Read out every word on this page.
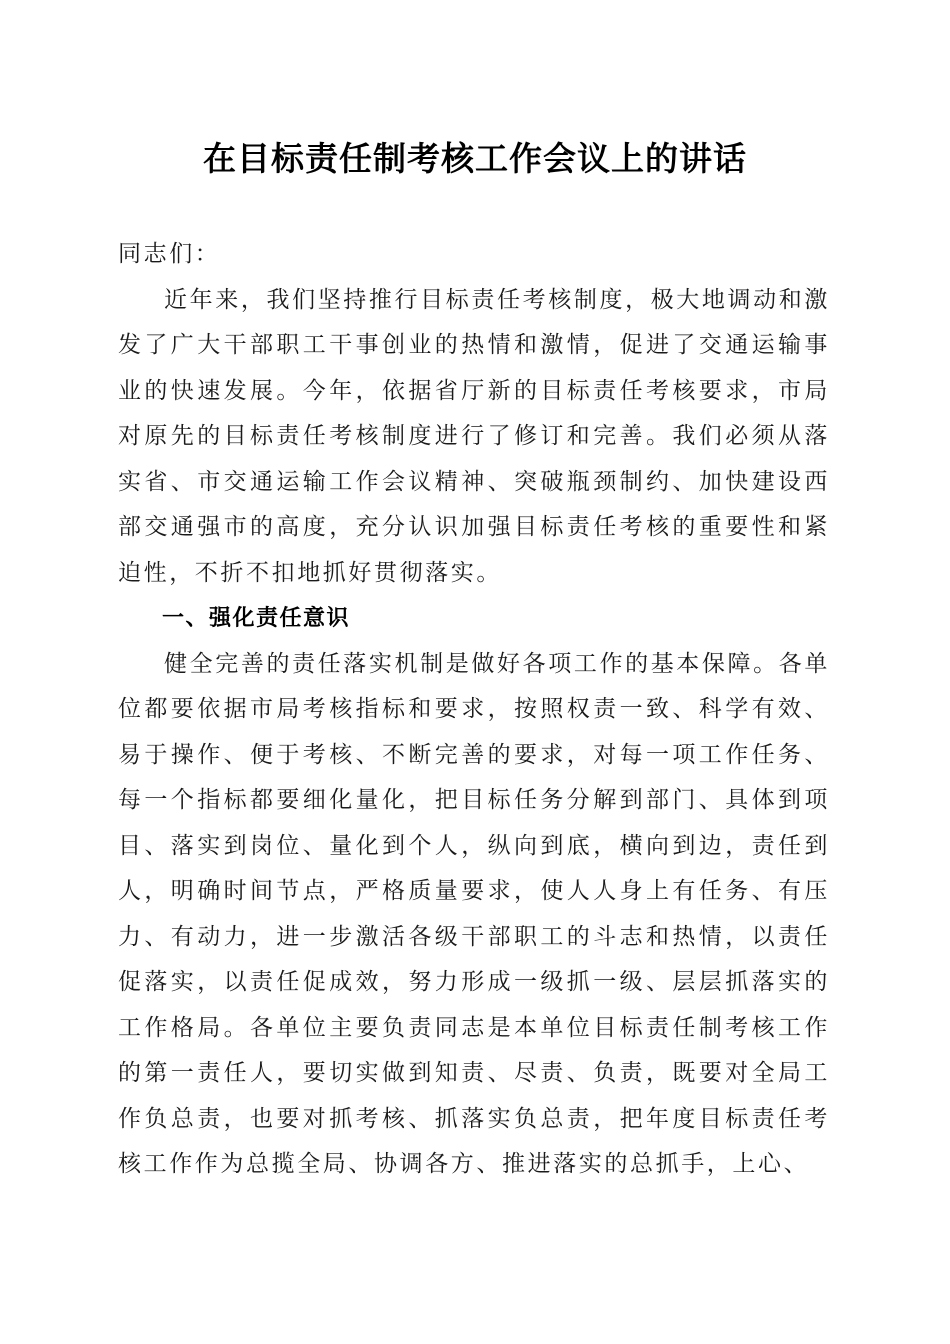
在目标责任制考核工作会议上的讲话

同志们：

近年来，我们坚持推行目标责任考核制度，极大地调动和激发了广大干部职工干事创业的热情和激情，促进了交通运输事业的快速发展。今年，依据省厅新的目标责任考核要求，市局对原先的目标责任考核制度进行了修订和完善。我们必须从落实省、市交通运输工作会议精神、突破瓶颈制约、加快建设西部交通强市的高度，充分认识加强目标责任考核的重要性和紧迫性，不折不扣地抓好贯彻落实。

一、强化责任意识

健全完善的责任落实机制是做好各项工作的基本保障。各单位都要依据市局考核指标和要求，按照权责一致、科学有效、易于操作、便于考核、不断完善的要求，对每一项工作任务、每一个指标都要细化量化，把目标任务分解到部门、具体到项目、落实到岗位、量化到个人，纵向到底，横向到边，责任到人，明确时间节点，严格质量要求，使人人身上有任务、有压力、有动力，进一步激活各级干部职工的斗志和热情，以责任促落实，以责任促成效，努力形成一级抓一级、层层抓落实的工作格局。各单位主要负责同志是本单位目标责任制考核工作的第一责任人，要切实做到知责、尽责、负责，既要对全局工作负总责，也要对抓考核、抓落实负总责，把年度目标责任考核工作作为总揽全局、协调各方、推进落实的总抓手，上心、
